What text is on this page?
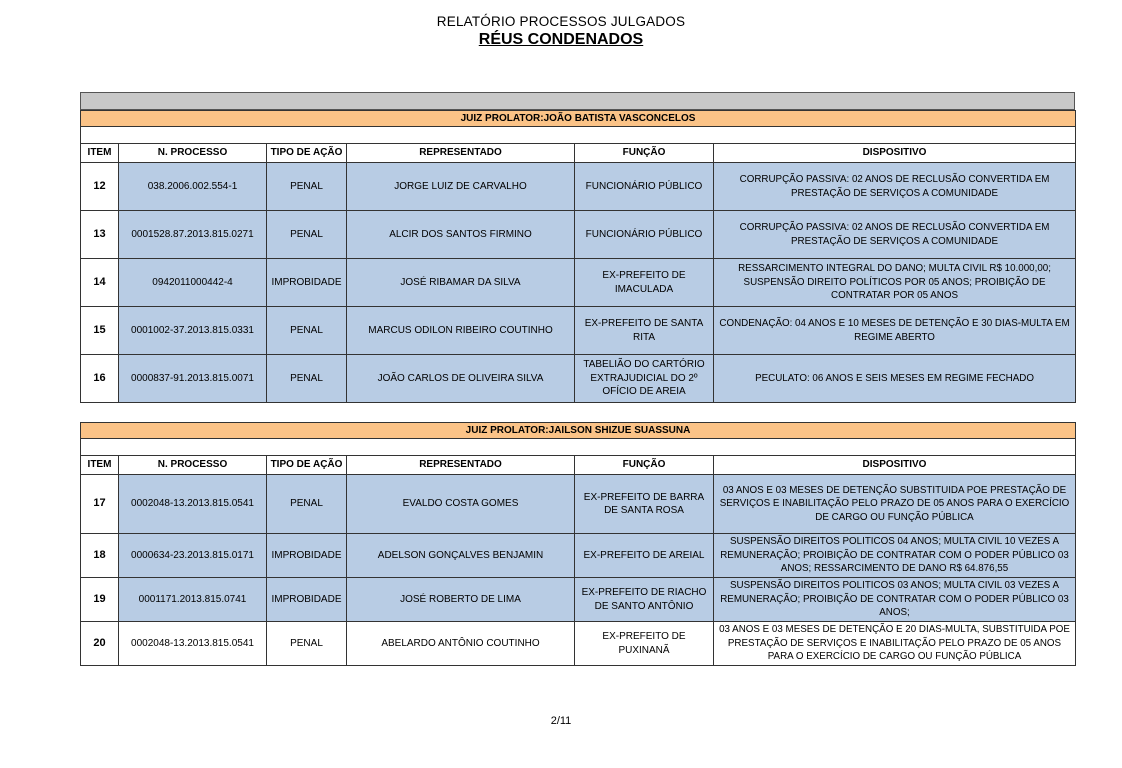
RELATÓRIO PROCESSOS JULGADOS
RÉUS CONDENADOS
JUIZ PROLATOR:JOÃO BATISTA VASCONCELOS					

ITEM	N. PROCESSO	TIPO DE AÇÃO	REPRESENTADO	FUNÇÃO	DISPOSITIVO
12	038.2006.002.554-1	PENAL	JORGE LUIZ DE CARVALHO	FUNCIONÁRIO PÚBLICO	CORRUPÇÃO PASSIVA: 02 ANOS DE RECLUSÃO CONVERTIDA EM PRESTAÇÃO DE SERVIÇOS A COMUNIDADE
13	0001528.87.2013.815.0271	PENAL	ALCIR DOS SANTOS FIRMINO	FUNCIONÁRIO PÚBLICO	CORRUPÇÃO PASSIVA: 02 ANOS DE RECLUSÃO CONVERTIDA EM PRESTAÇÃO DE SERVIÇOS A COMUNIDADE
14	0942011000442-4	IMPROBIDADE	JOSÉ RIBAMAR DA SILVA	EX-PREFEITO DE IMACULADA	RESSARCIMENTO INTEGRAL DO DANO; MULTA CIVIL R$ 10.000,00; SUSPENSÃO DIREITO POLÍTICOS POR 05 ANOS; PROIBIÇÃO DE CONTRATAR POR 05 ANOS
15	0001002-37.2013.815.0331	PENAL	MARCUS ODILON RIBEIRO COUTINHO	EX-PREFEITO DE SANTA RITA	CONDENAÇÃO: 04 ANOS E 10 MESES DE DETENÇÃO E 30 DIAS-MULTA EM REGIME ABERTO
16	0000837-91.2013.815.0071	PENAL	JOÃO CARLOS DE OLIVEIRA SILVA	TABELIÃO DO CARTÓRIO EXTRAJUDICIAL DO 2º OFÍCIO DE AREIA	PECULATO: 06 ANOS E SEIS MESES EM REGIME FECHADO
JUIZ PROLATOR:JAILSON SHIZUE SUASSUNA					

ITEM	N. PROCESSO	TIPO DE AÇÃO	REPRESENTADO	FUNÇÃO	DISPOSITIVO
17	0002048-13.2013.815.0541	PENAL	EVALDO COSTA GOMES	EX-PREFEITO DE BARRA DE SANTA ROSA	03 ANOS E 03 MESES DE DETENÇÃO SUBSTITUIDA POE PRESTAÇÃO DE SERVIÇOS E INABILITAÇÃO PELO PRAZO DE 05 ANOS PARA O EXERCÍCIO DE CARGO OU FUNÇÃO PÚBLICA
18	0000634-23.2013.815.0171	IMPROBIDADE	ADELSON GONÇALVES BENJAMIN	EX-PREFEITO DE AREIAL	SUSPENSÃO DIREITOS POLITICOS 04 ANOS; MULTA CIVIL 10 VEZES A REMUNERAÇÃO; PROIBIÇÃO DE CONTRATAR COM O PODER PÚBLICO 03 ANOS; RESSARCIMENTO DE DANO R$ 64.876,55
19	0001171.2013.815.0741	IMPROBIDADE	JOSÉ ROBERTO DE LIMA	EX-PREFEITO DE RIACHO DE SANTO ANTÔNIO	SUSPENSÃO DIREITOS POLITICOS 03 ANOS; MULTA CIVIL 03 VEZES A REMUNERAÇÃO; PROIBIÇÃO DE CONTRATAR COM O PODER PÚBLICO 03 ANOS;
20	0002048-13.2013.815.0541	PENAL	ABELARDO ANTÔNIO COUTINHO	EX-PREFEITO DE PUXINANÃ	03 ANOS E 03 MESES DE DETENÇÃO E 20 DIAS-MULTA, SUBSTITUIDA POE PRESTAÇÃO DE SERVIÇOS E INABILITAÇÃO PELO PRAZO DE 05 ANOS PARA O EXERCÍCIO DE CARGO OU FUNÇÃO PÚBLICA
2/11
